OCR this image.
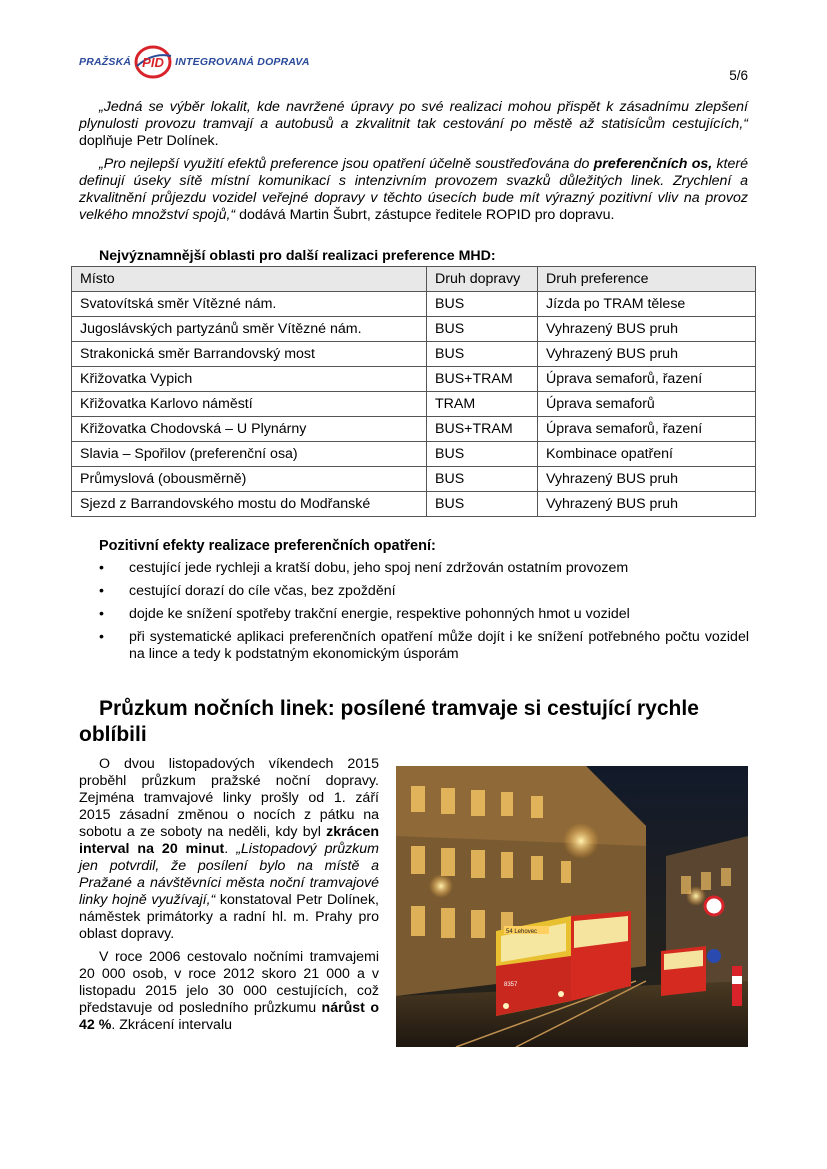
PRAŽSKÁ PID INTEGROVANÁ DOPRAVA
5/6
„Jedná se výběr lokalit, kde navržené úpravy po své realizaci mohou přispět k zásadnímu zlepšení plynulosti provozu tramvají a autobusů a zkvalitnit tak cestování po městě až statisícům cestujících,“ doplňuje Petr Dolínek.
„Pro nejlepší využití efektů preference jsou opatření účelně soustřeďována do preferenčních os, které definují úseky sítě místní komunikací s intenzivním provozem svazků důležitých linek. Zrychlení a zkvalitnění průjezdu vozidel veřejné dopravy v těchto úsecích bude mít výrazný pozitivní vliv na provoz velkého množství spojů,“ dodává Martin Šubrt, zástupce ředitele ROPID pro dopravu.
Nejvýznamnější oblasti pro další realizaci preference MHD:
Místo	Druh dopravy	Druh preference
Svatovítská směr Vítězné nám.	BUS	Jízda po TRAM tělese
Jugoslávských partyzánů směr Vítězné nám.	BUS	Vyhrazený BUS pruh
Strakonická směr Barrandovský most	BUS	Vyhrazený BUS pruh
Křižovatka Vypich	BUS+TRAM	Úprava semaforů, řazení
Křižovatka Karlovo náměstí	TRAM	Úprava semaforů
Křižovatka Chodovská – U Plynárny	BUS+TRAM	Úprava semaforů, řazení
Slavia – Spořilov (preferenční osa)	BUS	Kombinace opatření
Průmyslová (obousměrně)	BUS	Vyhrazený BUS pruh
Sjezd z Barrandovského mostu do Modřanské	BUS	Vyhrazený BUS pruh
Pozitivní efekty realizace preferenčních opatření:
• cestující jede rychleji a kratší dobu, jeho spoj není zdržován ostatním provozem
• cestující dorazí do cíle včas, bez zpoždění
• dojde ke snížení spotřeby trakční energie, respektive pohonných hmot u vozidel
• při systematické aplikaci preferenčních opatření může dojít i ke snížení potřebného počtu vozidel na lince a tedy k podstatným ekonomickým úsporám
Průzkum nočních linek: posílené tramvaje si cestující rychle oblíbili

O dvou listopadových víkendech 2015 proběhl průzkum pražské noční dopravy. Zejména tramvajové linky prošly od 1. září 2015 zásadní změnou o nocích z pátku na sobotu a ze soboty na neděli, kdy byl zkrácen interval na 20 minut. „Listopadový průzkum jen potvrdil, že posílení bylo na místě a Pražané a návštěvníci města noční tramvajové linky hojně využívají,“ konstatoval Petr Dolínek, náměstek primátorky a radní hl. m. Prahy pro oblast dopravy.

V roce 2006 cestovalo nočními tramvajemi 20 000 osob, v roce 2012 skoro 21 000 a v listopadu 2015 jelo 30 000 cestujících, což představuje od posledního průzkumu nárůst o 42 %. Zkrácení intervalu

54 Lehovec
8357
